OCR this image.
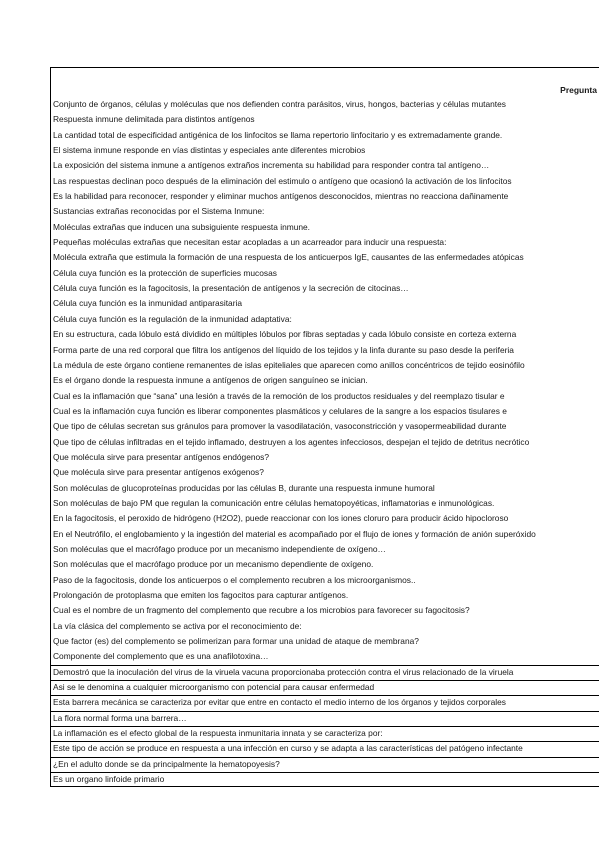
Pregunta
Conjunto de órganos, células y moléculas que nos defienden contra parásitos, virus, hongos, bacterias y células mutantes
Respuesta inmune delimitada para distintos antígenos
La cantidad total de especificidad antigénica de los linfocitos se llama repertorio linfocitario y es extremadamente grande.
El sistema inmune responde en vías distintas y especiales ante diferentes microbios
La exposición del sistema inmune a antígenos extraños incrementa su habilidad para responder contra tal antígeno…
Las respuestas declinan poco después de la eliminación del estimulo o antígeno que ocasionó la activación de los linfocitos
Es la habilidad para reconocer, responder y eliminar muchos antígenos desconocidos, mientras no reacciona dañinamente
Sustancias extrañas reconocidas por el Sistema Inmune:
Moléculas extrañas que inducen una subsiguiente respuesta inmune.
Pequeñas moléculas extrañas que necesitan estar acopladas a un acarreador para inducir una respuesta:
Molécula extraña que estimula la formación de una respuesta de los anticuerpos IgE, causantes de las enfermedades atópicas
Célula cuya función es la protección de superficies mucosas
Célula cuya función es la fagocitosis, la presentación de antígenos y la secreción de citocinas…
Célula cuya función es la inmunidad antiparasitaria
Célula cuya función es la regulación de la inmunidad adaptativa:
En su estructura, cada lóbulo está dividido en múltiples lóbulos por fibras septadas y cada lóbulo consiste en corteza externa
Forma parte de una red corporal que filtra los antígenos del líquido de los tejidos y la linfa durante su paso desde la periferia
La médula de este órgano contiene remanentes de islas epiteliales que aparecen como anillos concéntricos de tejido eosinófilo
Es el órgano donde la respuesta inmune a antígenos de origen sanguíneo se inician.
Cual es la inflamación que “sana” una lesión a través de la remoción de los productos residuales y del reemplazo tisular e
Cual es la inflamación cuya función es liberar componentes plasmáticos y celulares de la sangre a los espacios tisulares e
Que tipo de células secretan sus gránulos para promover la vasodilatación, vasoconstricción y vasopermeabilidad durante
Que tipo de células infiltradas en el tejido inflamado, destruyen a los agentes infecciosos, despejan el tejido de detritus necrótico
Que molécula sirve para presentar antígenos endógenos?
Que molécula sirve para presentar antígenos exógenos?
Son moléculas de glucoproteínas producidas por las células B, durante una respuesta inmune humoral
Son moléculas de bajo PM que regulan la comunicación entre células hematopoyéticas, inflamatorias e inmunológicas.
En la fagocitosis, el peroxido de hidrógeno (H2O2), puede reaccionar con los iones cloruro para producir ácido hipocloroso
En el Neutrófilo, el englobamiento y la ingestión del material es acompañado por el flujo de iones y formación de anión superóxido
Son moléculas que el macrófago produce por un mecanismo independiente de oxígeno…
Son moléculas que el macrófago produce por un mecanismo dependiente de oxígeno.
Paso de la fagocitosis, donde los anticuerpos o el complemento recubren a los microorganismos..
Prolongación de protoplasma que emiten los fagocitos para capturar antígenos.
Cual es el nombre de un fragmento del complemento que recubre a los microbios para favorecer su fagocitosis?
La vía clásica del complemento se activa por el reconocimiento de:
Que factor (es) del complemento se polimerizan para formar una unidad de ataque de membrana?
Componente del complemento que es una anafilotoxina…
Demostró que la inoculación del virus de la viruela vacuna proporcionaba protección contra el virus relacionado de la viruela
Asi se le denomina a cualquier microorganismo con potencial para causar enfermedad
Esta barrera mecánica se caracteriza por evitar que entre en contacto el medio interno de los órganos y tejidos corporales
La flora normal forma una barrera…
La inflamación es el efecto global de la respuesta inmunitaria innata y se caracteriza por:
Este tipo de acción se produce en respuesta a una infección en curso y se adapta a las características del patógeno infectante
¿En el adulto donde se da principalmente la hematopoyesis?
Es un organo linfoide primario
